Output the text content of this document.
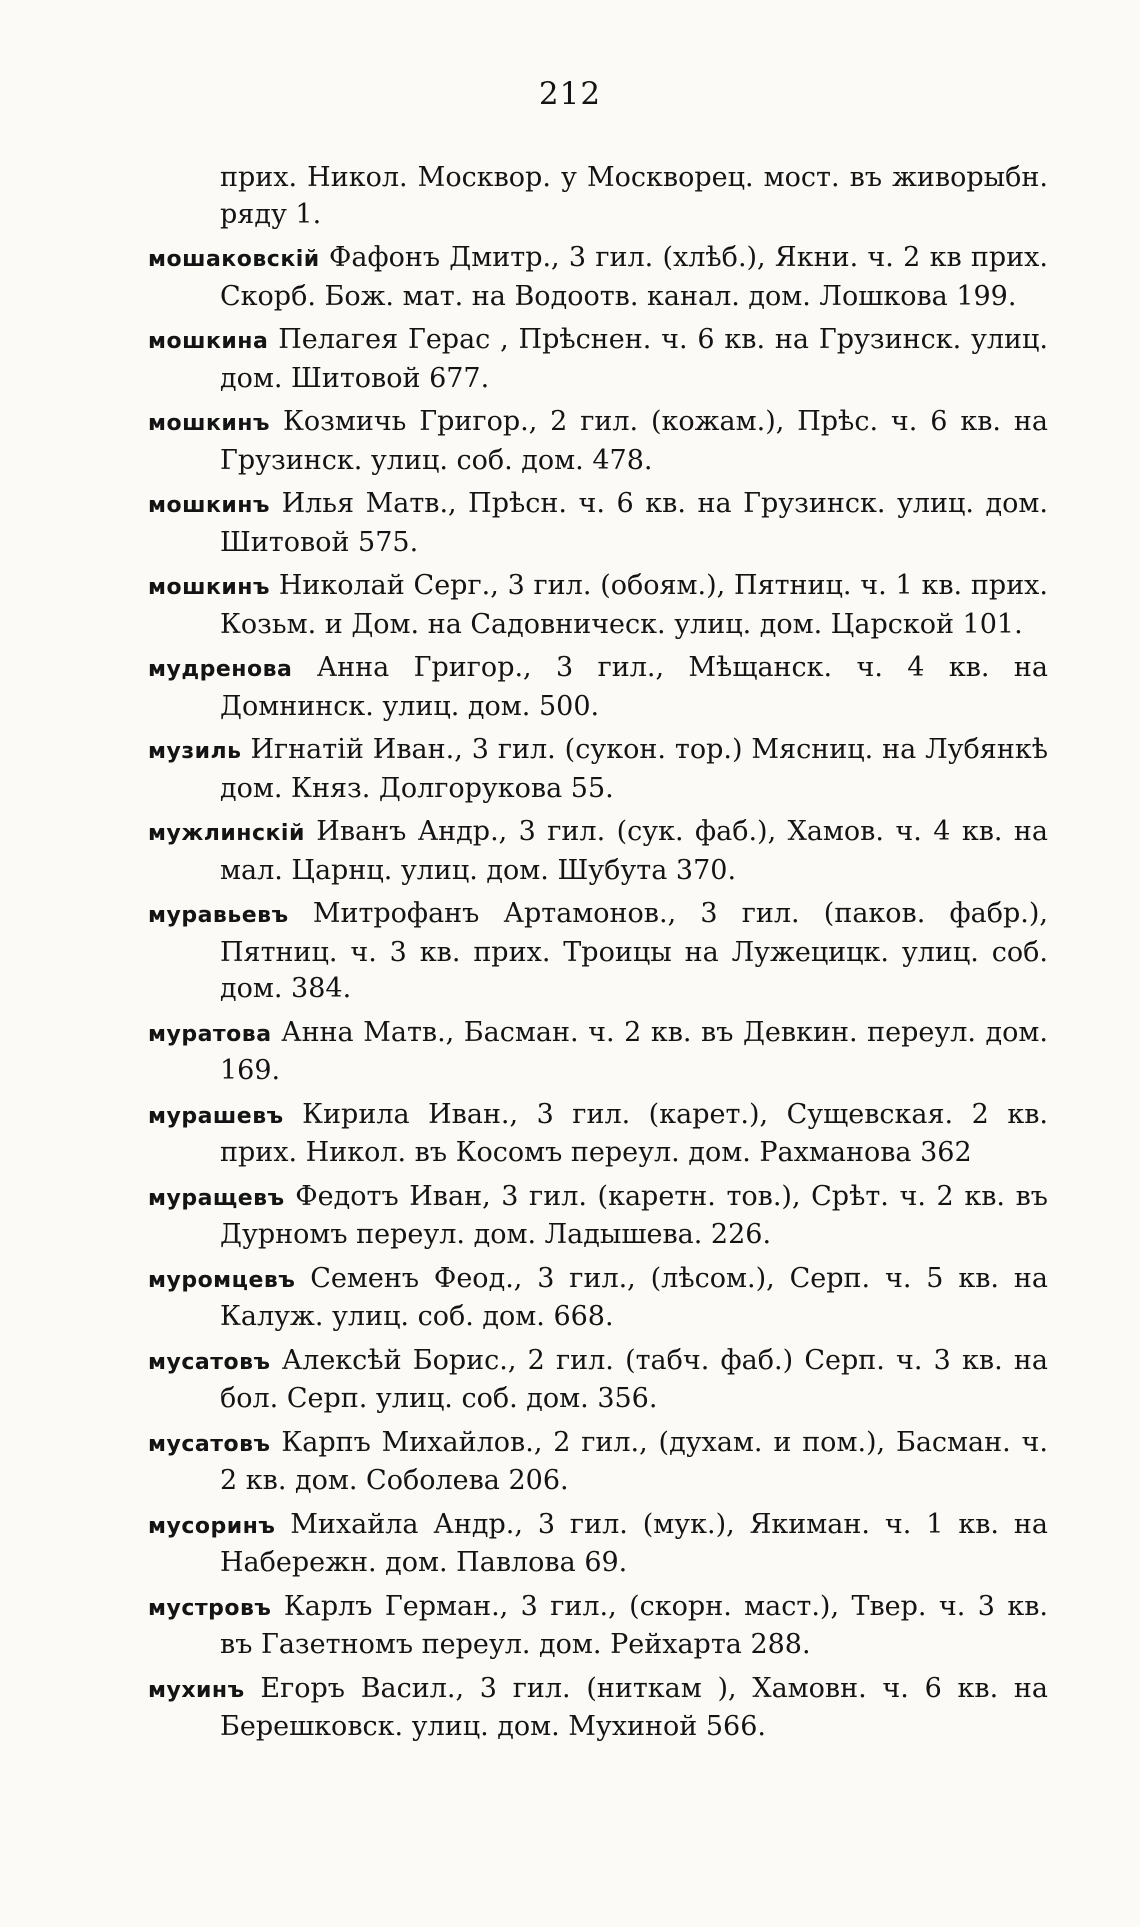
212

прих. Никол. Москвор. у Москворец. мост. въ живорыбн. ряду 1.

мошаковскій Фафонъ Дмитр., 3 гил. (хлѣб.), Якни. ч. 2 кв прих. Скорб. Бож. мат. на Водоотв. канал. дом. Лошкова 199.

мошкина Пелагея Герас , Прѣснен. ч. 6 кв. на Грузинск. улиц. дом. Шитовой 677.

мошкинъ Козмичь Григор., 2 гил. (кожам.), Прѣс. ч. 6 кв. на Грузинск. улиц. соб. дом. 478.

мошкинъ Илья Матв., Прѣсн. ч. 6 кв. на Грузинск. улиц. дом. Шитовой 575.

мошкинъ Николай Серг., 3 гил. (обоям.), Пятниц. ч. 1 кв. прих. Козьм. и Дом. на Садовническ. улиц. дом. Царской 101.

мудренова Анна Григор., 3 гил., Мѣщанск. ч. 4 кв. на Домнинск. улиц. дом. 500.

музиль Игнатій Иван., 3 гил. (сукон. тор.) Мясниц. на Лубянкѣ дом. Княз. Долгорукова 55.

мужлинскій Иванъ Андр., 3 гил. (сук. фаб.), Хамов. ч. 4 кв. на мал. Царнц. улиц. дом. Шубута 370.

муравьевъ Митрофанъ Артамонов., 3 гил. (паков. фабр.), Пятниц. ч. 3 кв. прих. Троицы на Лужецицк. улиц. соб. дом. 384.

муратова Анна Матв., Басман. ч. 2 кв. въ Девкин. переул. дом. 169.

мурашевъ Кирила Иван., 3 гил. (карет.), Сущевская. 2 кв. прих. Никол. въ Косомъ переул. дом. Рахманова 362

муращевъ Федотъ Иван, 3 гил. (каретн. тов.), Срѣт. ч. 2 кв. въ Дурномъ переул. дом. Ладышева. 226.

муромцевъ Семенъ Феод., 3 гил., (лѣсом.), Серп. ч. 5 кв. на Калуж. улиц. соб. дом. 668.

мусатовъ Алексѣй Борис., 2 гил. (табч. фаб.) Серп. ч. 3 кв. на бол. Серп. улиц. соб. дом. 356.

мусатовъ Карпъ Михайлов., 2 гил., (духам. и пом.), Басман. ч. 2 кв. дом. Соболева 206.

мусоринъ Михайла Андр., 3 гил. (мук.), Якиман. ч. 1 кв. на Набережн. дом. Павлова 69.

мустровъ Карлъ Герман., 3 гил., (скорн. маст.), Твер. ч. 3 кв. въ Газетномъ переул. дом. Рейхарта 288.

мухинъ Егоръ Васил., 3 гил. (ниткам ), Хамовн. ч. 6 кв. на Берешковск. улиц. дом. Мухиной 566.
